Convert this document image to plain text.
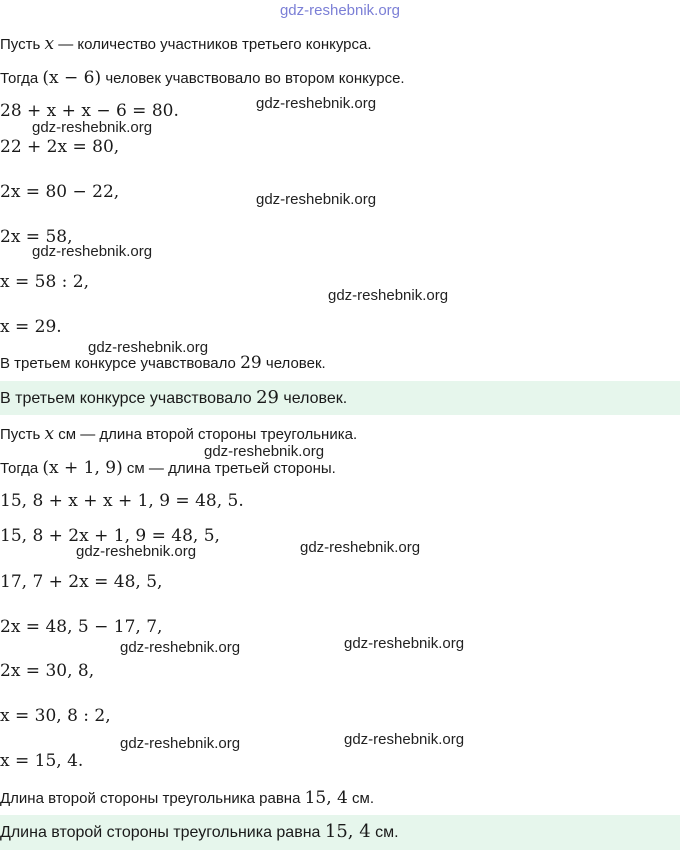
gdz-reshebnik.org
Пусть x — количество участников третьего конкурса.
Тогда (x − 6) человек учавствовало во втором конкурсе.
28 + x + x − 6 = 80.
22 + 2x = 80,
2x = 80 − 22,
2x = 58,
x = 58 : 2,
x = 29.
В третьем конкурсе учавствовало 29 человек.
В третьем конкурсе учавствовало 29 человек.
Пусть x см — длина второй стороны треугольника.
Тогда (x + 1, 9) см — длина третьей стороны.
15, 8 + x + x + 1, 9 = 48, 5.
15, 8 + 2x + 1, 9 = 48, 5,
17, 7 + 2x = 48, 5,
2x = 48, 5 − 17, 7,
2x = 30, 8,
x = 30, 8 : 2,
x = 15, 4.
Длина второй стороны треугольника равна 15, 4 см.
Длина второй стороны треугольника равна 15, 4 см.
gdz-reshebnik.org
gdz-reshebnik.org
gdz-reshebnik.org
gdz-reshebnik.org
gdz-reshebnik.org
gdz-reshebnik.org
gdz-reshebnik.org
gdz-reshebnik.org	gdz-reshebnik.org
gdz-reshebnik.org	gdz-reshebnik.org
gdz-reshebnik.org	gdz-reshebnik.org
